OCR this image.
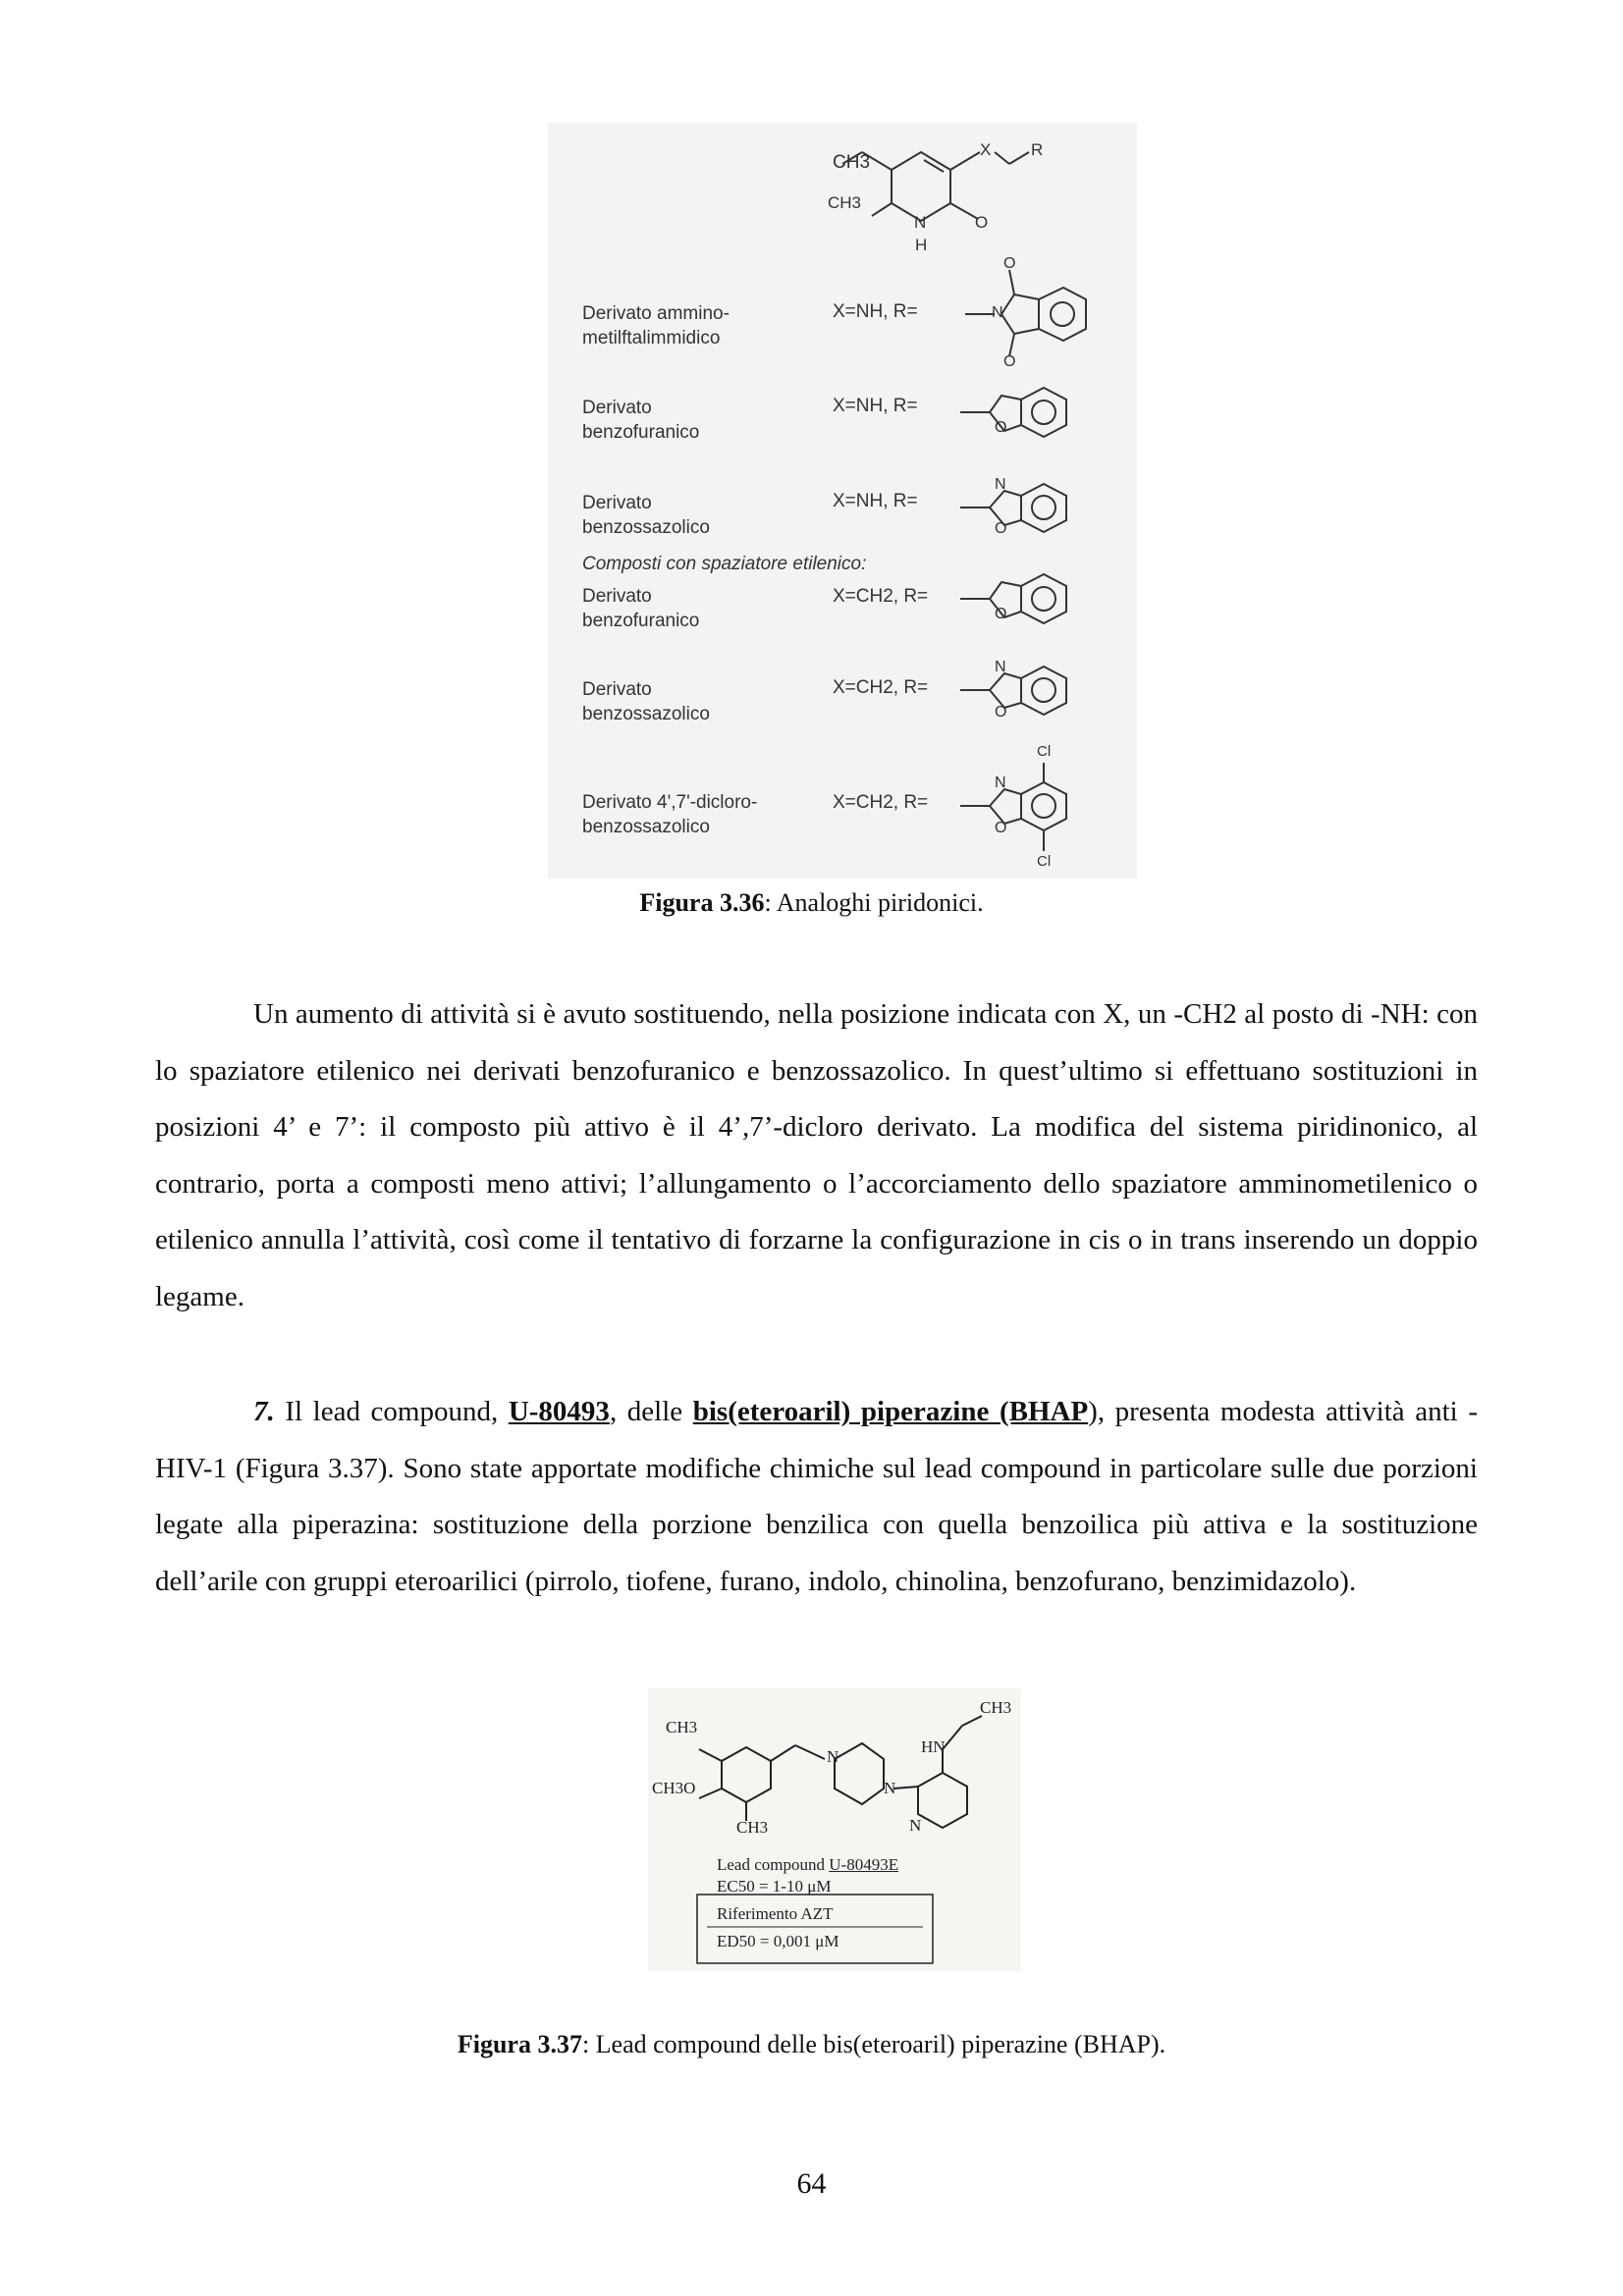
CH3
CH3
N
H
O
X R
Derivato ammino-
metilftalimmidico
X=NH, R=	N
O
O
Derivato
benzofuranico
X=NH, R=
O
Derivato
benzossazolico
X=NH, R=
N
O
Composti con spaziatore etilenico:
Derivato
benzofuranico
X=CH2, R=
O
Derivato
benzossazolico
X=CH2, R=
N
O
Derivato 4',7'-dicloro-
benzossazolico
X=CH2, R=
N
O
Cl
Cl
Figura 3.36: Analoghi piridonici.

Un aumento di attività si è avuto sostituendo, nella posizione indicata con X, un -CH2 al posto di -NH: con lo spaziatore etilenico nei derivati benzofuranico e benzossazolico. In quest’ultimo si effettuano sostituzioni in posizioni 4’ e 7’: il composto più attivo è il 4’,7’-dicloro derivato. La modifica del sistema piridinonico, al contrario, porta a composti meno attivi; l’allungamento o l’accorciamento dello spaziatore amminometilenico o etilenico annulla l’attività, così come il tentativo di forzarne la configurazione in cis o in trans inserendo un doppio legame.

7. Il lead compound, U-80493, delle bis(eteroaril) piperazine (BHAP), presenta modesta attività anti -HIV-1 (Figura 3.37). Sono state apportate modifiche chimiche sul lead compound in particolare sulle due porzioni legate alla piperazina: sostituzione della porzione benzilica con quella benzoilica più attiva e la sostituzione dell’arile con gruppi eteroarilici (pirrolo, tiofene, furano, indolo, chinolina, benzofurano, benzimidazolo).

CH3
CH3O
CH3
N
N
HN
N
CH3
Lead compound U-80493E
EC50 = 1-10 μM
Riferimento AZT
ED50 = 0,001 μM
Figura 3.37: Lead compound delle bis(eteroaril) piperazine (BHAP).
64
